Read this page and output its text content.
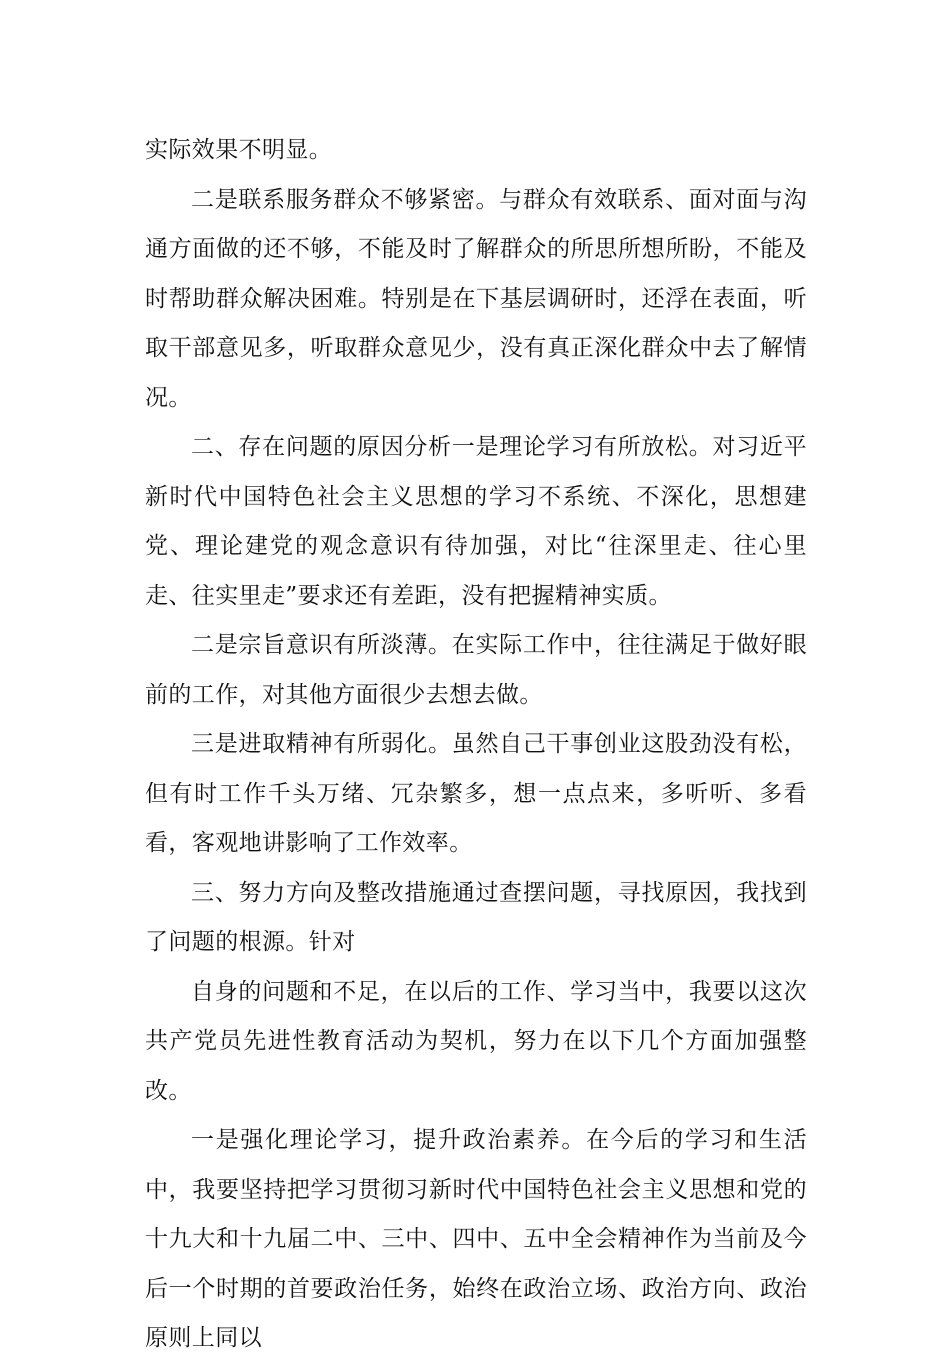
实际效果不明显。

二是联系服务群众不够紧密。与群众有效联系、面对面与沟通方面做的还不够，不能及时了解群众的所思所想所盼，不能及时帮助群众解决困难。特别是在下基层调研时，还浮在表面，听取干部意见多，听取群众意见少，没有真正深化群众中去了解情况。

二、存在问题的原因分析一是理论学习有所放松。对习近平新时代中国特色社会主义思想的学习不系统、不深化，思想建党、理论建党的观念意识有待加强，对比“往深里走、往心里走、往实里走”要求还有差距，没有把握精神实质。

二是宗旨意识有所淡薄。在实际工作中，往往满足于做好眼前的工作，对其他方面很少去想去做。

三是进取精神有所弱化。虽然自己干事创业这股劲没有松，但有时工作千头万绪、冗杂繁多，想一点点来，多听听、多看看，客观地讲影响了工作效率。

三、努力方向及整改措施通过查摆问题，寻找原因，我找到了问题的根源。针对

自身的问题和不足，在以后的工作、学习当中，我要以这次共产党员先进性教育活动为契机，努力在以下几个方面加强整改。

一是强化理论学习，提升政治素养。在今后的学习和生活中，我要坚持把学习贯彻习新时代中国特色社会主义思想和党的十九大和十九届二中、三中、四中、五中全会精神作为当前及今后一个时期的首要政治任务，始终在政治立场、政治方向、政治原则上同以
